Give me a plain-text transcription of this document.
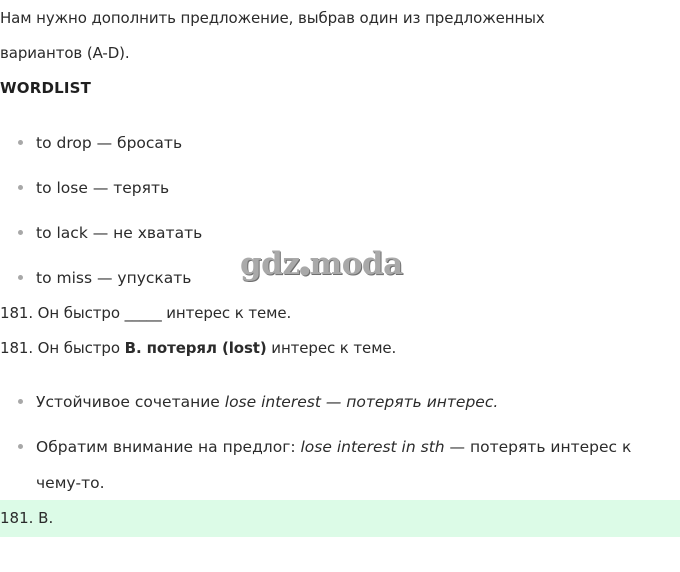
Нам нужно дополнить предложение, выбрав один из предложенных
вариантов (A-D).
WORDLIST
to drop — бросать
to lose — терять
to lack — не хватать
to miss — упускать gdz●moda
181. Он быстро _____ интерес к теме.
181. Он быстро B. потерял (lost) интерес к теме.
Устойчивое сочетание lose interest — потерять интерес.
Обратим внимание на предлог: lose interest in sth — потерять интерес к
чему-то.
181. B.
